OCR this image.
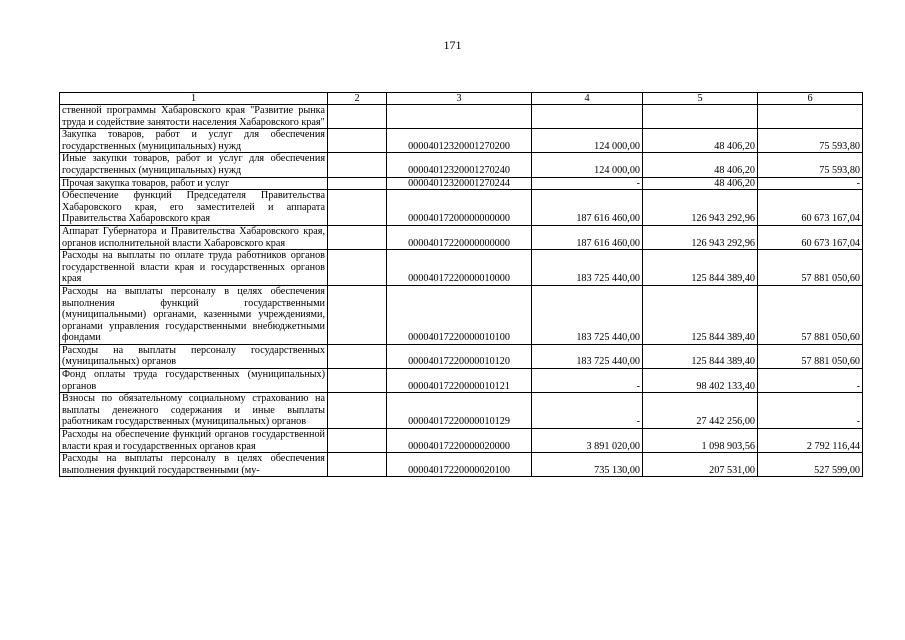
171
1	2	3	4	5	6
ственной программы Хабаровского края "Развитие рынка труда и содействие занятости населения Хабаровского края"					
Закупка товаров, работ и услуг для обеспечения государственных (муниципальных) нужд		00004012320001270200	124 000,00	48 406,20	75 593,80
Иные закупки товаров, работ и услуг для обеспечения государственных (муниципальных) нужд		00004012320001270240	124 000,00	48 406,20	75 593,80
Прочая закупка товаров, работ и услуг		00004012320001270244	-	48 406,20	-
Обеспечение функций Председателя Правительства Хабаровского края, его заместителей и аппарата Правительства Хабаровского края		00004017200000000000	187 616 460,00	126 943 292,96	60 673 167,04
Аппарат Губернатора и Правительства Хабаровского края, органов исполнительной власти Хабаровского края		00004017220000000000	187 616 460,00	126 943 292,96	60 673 167,04
Расходы на выплаты по оплате труда работников органов государственной власти края и государственных органов края		00004017220000010000	183 725 440,00	125 844 389,40	57 881 050,60
Расходы на выплаты персоналу в целях обеспечения выполнения функций государственными (муниципальными) органами, казенными учреждениями, органами управления государственными внебюджетными фондами		00004017220000010100	183 725 440,00	125 844 389,40	57 881 050,60
Расходы на выплаты персоналу государственных (муниципальных) органов		00004017220000010120	183 725 440,00	125 844 389,40	57 881 050,60
Фонд оплаты труда государственных (муниципальных) органов		00004017220000010121	-	98 402 133,40	-
Взносы по обязательному социальному страхованию на выплаты денежного содержания и иные выплаты работникам государственных (муниципальных) органов		00004017220000010129	-	27 442 256,00	-
Расходы на обеспечение функций органов государственной власти края и государственных органов края		00004017220000020000	3 891 020,00	1 098 903,56	2 792 116,44
Расходы на выплаты персоналу в целях обеспечения выполнения функций государственными (му-		00004017220000020100	735 130,00	207 531,00	527 599,00
